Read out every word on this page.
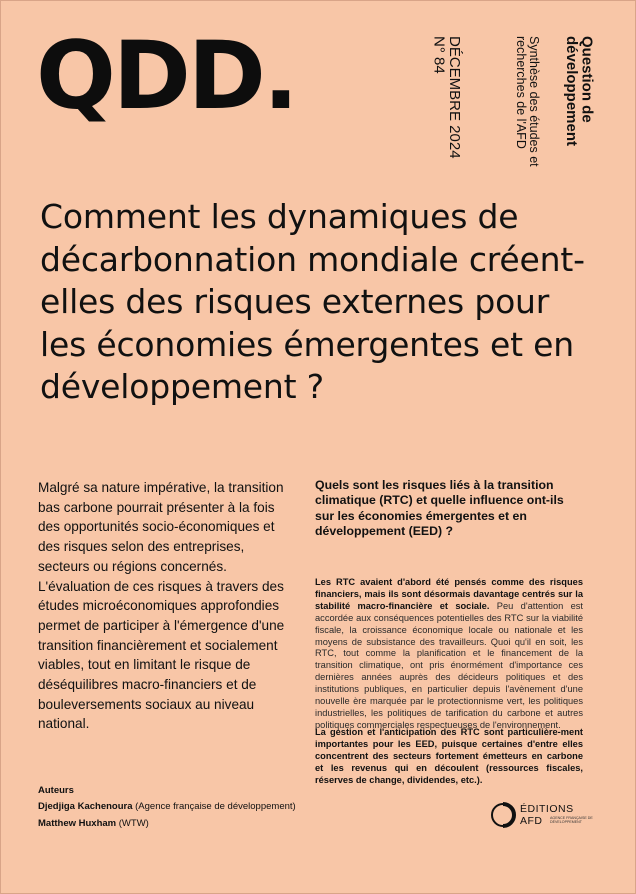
QDD.	Question de
développement
Synthèse des études et recherches de l'AFD
DÉCEMBRE 2024
N° 84
Comment les dynamiques de décarbonnation mondiale créent-elles des risques externes pour les économies émergentes et en développement ?

Malgré sa nature impérative, la transition bas carbone pourrait présenter à la fois des opportunités socio-économiques et des risques selon des entreprises, secteurs ou régions concernés. L'évaluation de ces risques à travers des études microéconomiques approfondies permet de participer à l'émergence d'une transition financièrement et socialement viables, tout en limitant le risque de déséquilibres macro-financiers et de bouleversements sociaux au niveau national.

Quels sont les risques liés à la transition climatique (RTC) et quelle influence ont-ils sur les économies émergentes et en développement (EED) ?

Les RTC avaient d'abord été pensés comme des risques financiers, mais ils sont désormais davantage centrés sur la stabilité macro-financière et sociale. Peu d'attention est accordée aux conséquences potentielles des RTC sur la viabilité fiscale, la croissance économique locale ou nationale et les moyens de subsistance des travailleurs. Quoi qu'il en soit, les RTC, tout comme la planification et le financement de la transition climatique, ont pris énormément d'importance ces dernières années auprès des décideurs politiques et des institutions publiques, en particulier depuis l'avènement d'une nouvelle ère marquée par le protectionnisme vert, les politiques industrielles, les politiques de tarification du carbone et autres politiques commerciales respectueuses de l'environnement.

La gestion et l'anticipation des RTC sont particulière-ment importantes pour les EED, puisque certaines d'entre elles concentrent des secteurs fortement émetteurs en carbone et les revenus qui en découlent (ressources fiscales, réserves de change, dividendes, etc.).

Auteurs

Djedjiga Kachenoura (Agence française de développement)

Matthew Huxham (WTW)

ÉDITIONS
AFD	AGENCE FRANÇAISE DE DÉVELOPPEMENT
